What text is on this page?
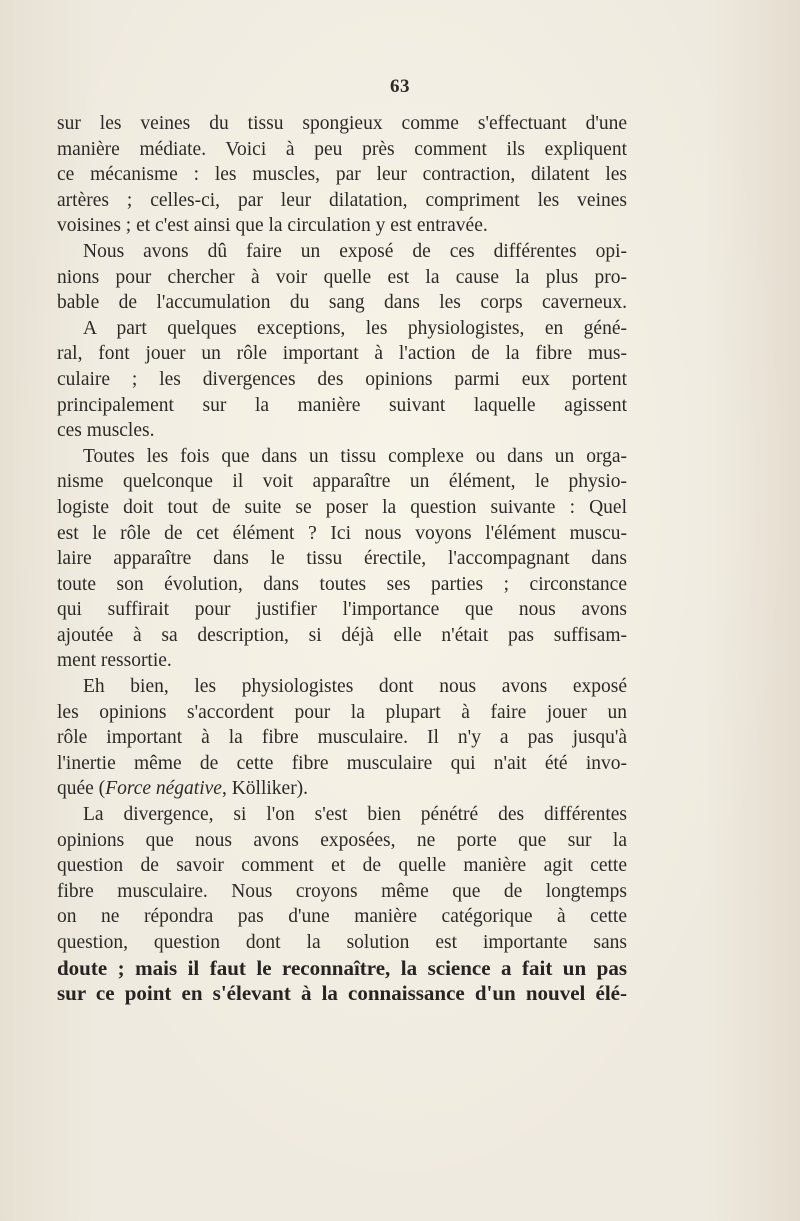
63
sur les veines du tissu spongieux comme s'effectuant d'une
manière médiate. Voici à peu près comment ils expliquent
ce mécanisme : les muscles, par leur contraction, dilatent les
artères ; celles-ci, par leur dilatation, compriment les veines
voisines ; et c'est ainsi que la circulation y est entravée.
Nous avons dû faire un exposé de ces différentes opi-
nions pour chercher à voir quelle est la cause la plus pro-
bable de l'accumulation du sang dans les corps caverneux.
A part quelques exceptions, les physiologistes, en géné-
ral, font jouer un rôle important à l'action de la fibre mus-
culaire ; les divergences des opinions parmi eux portent
principalement sur la manière suivant laquelle agissent
ces muscles.
Toutes les fois que dans un tissu complexe ou dans un orga-
nisme quelconque il voit apparaître un élément, le physio-
logiste doit tout de suite se poser la question suivante : Quel
est le rôle de cet élément ? Ici nous voyons l'élément muscu-
laire apparaître dans le tissu érectile, l'accompagnant dans
toute son évolution, dans toutes ses parties ; circonstance
qui suffirait pour justifier l'importance que nous avons
ajoutée à sa description, si déjà elle n'était pas suffisam-
ment ressortie.
Eh bien, les physiologistes dont nous avons exposé
les opinions s'accordent pour la plupart à faire jouer un
rôle important à la fibre musculaire. Il n'y a pas jusqu'à
l'inertie même de cette fibre musculaire qui n'ait été invo-
quée (Force négative, Kölliker).
La divergence, si l'on s'est bien pénétré des différentes
opinions que nous avons exposées, ne porte que sur la
question de savoir comment et de quelle manière agit cette
fibre musculaire. Nous croyons même que de longtemps
on ne répondra pas d'une manière catégorique à cette
question, question dont la solution est importante sans
doute ; mais il faut le reconnaître, la science a fait un pas
sur ce point en s'élevant à la connaissance d'un nouvel élé-
